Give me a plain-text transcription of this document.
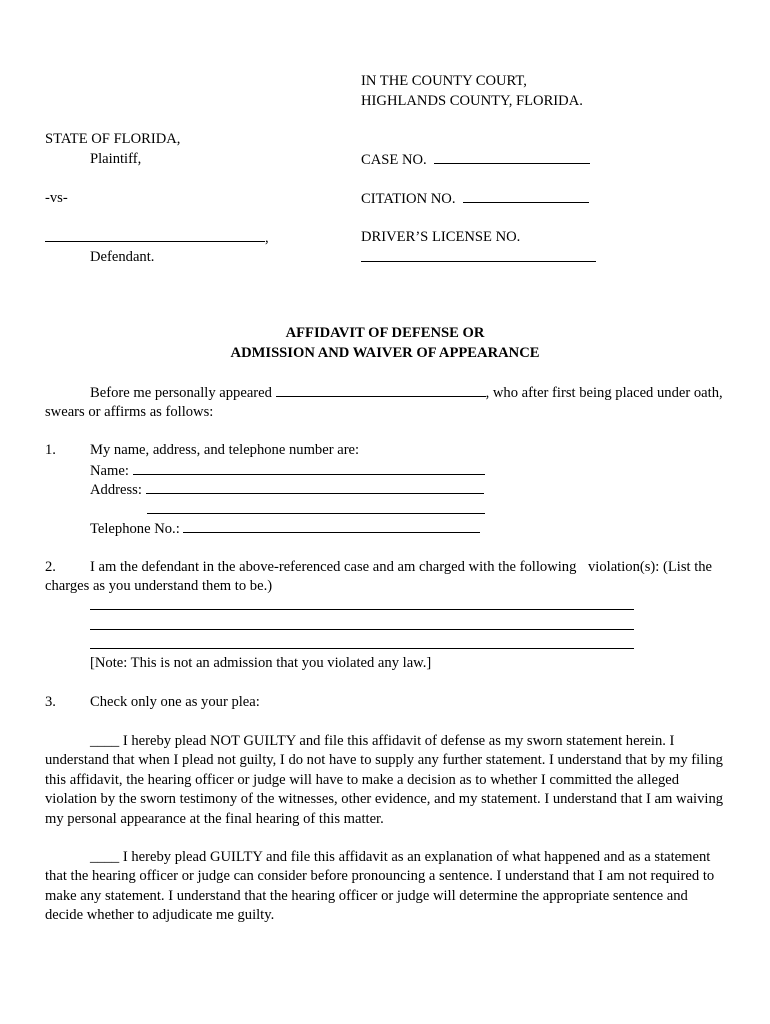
IN THE COUNTY COURT,
HIGHLANDS COUNTY, FLORIDA.
STATE OF FLORIDA,
Plaintiff,
-vs-
,
Defendant.
CASE NO.
CITATION NO.
DRIVER’S LICENSE NO.
AFFIDAVIT OF DEFENSE OR
ADMISSION AND WAIVER OF APPEARANCE
Before me personally appeared	, who after first being placed under oath,
swears or affirms as follows:
1. My name, address, and telephone number are:
Name:
Address:
Telephone No.:
2. I am the defendant in the above-referenced case and am charged with the following violation(s): (List the
charges as you understand them to be.)
[Note: This is not an admission that you violated any law.]
3. Check only one as your plea:
____ I hereby plead NOT GUILTY and file this affidavit of defense as my sworn statement herein. I understand that when I plead not guilty, I do not have to supply any further statement. I understand that by my filing this affidavit, the hearing officer or judge will have to make a decision as to whether I committed the alleged violation by the sworn testimony of the witnesses, other evidence, and my statement. I understand that I am waiving my personal appearance at the final hearing of this matter.
____ I hereby plead GUILTY and file this affidavit as an explanation of what happened and as a statement that the hearing officer or judge can consider before pronouncing a sentence. I understand that I am not required to make any statement. I understand that the hearing officer or judge will determine the appropriate sentence and decide whether to adjudicate me guilty.
